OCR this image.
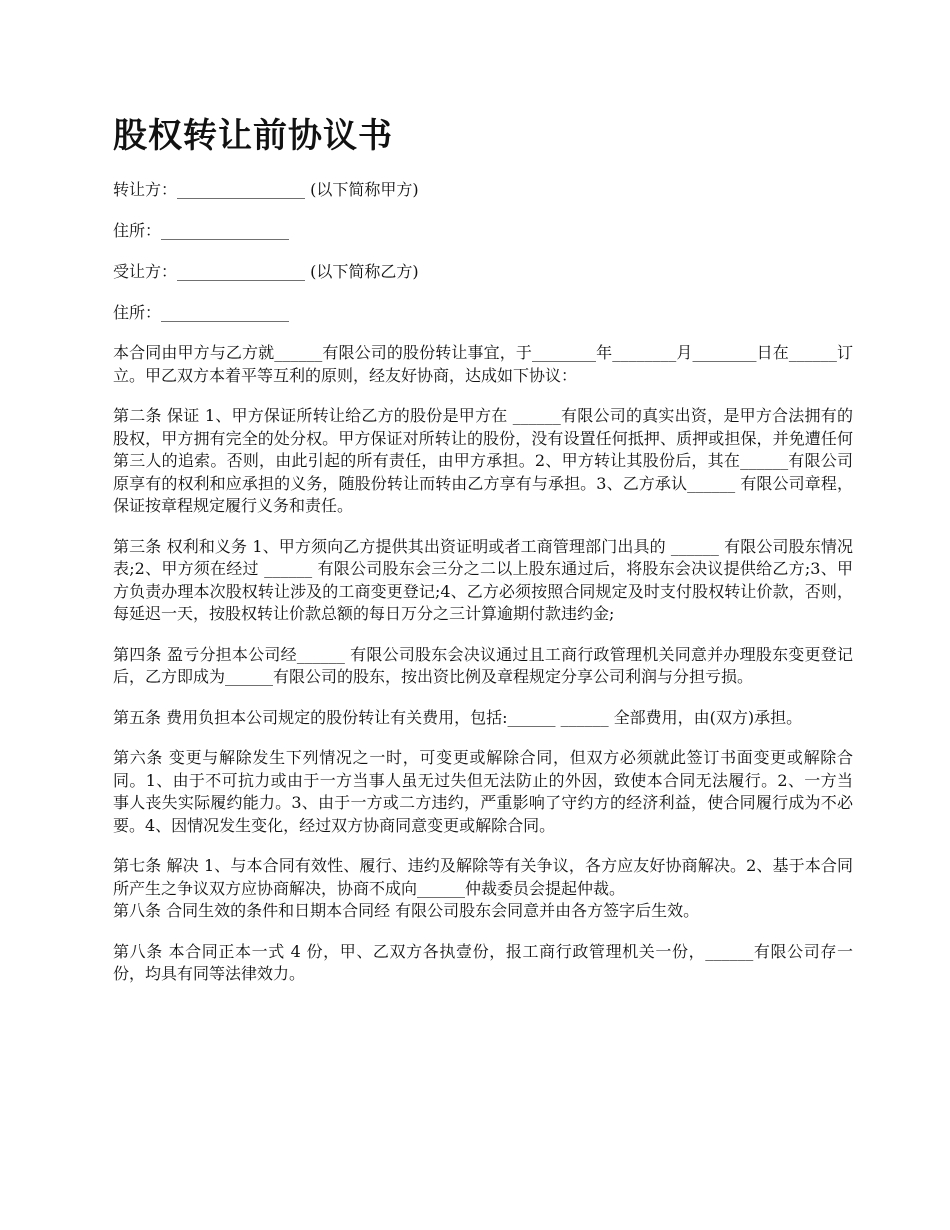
股权转让前协议书
转让方：________________ (以下简称甲方)
住所：________________
受让方：________________ (以下简称乙方)
住所：________________

本合同由甲方与乙方就______有限公司的股份转让事宜，于________年________月________日在______订立。甲乙双方本着平等互利的原则，经友好协商，达成如下协议：

第二条 保证 1、甲方保证所转让给乙方的股份是甲方在 ______有限公司的真实出资，是甲方合法拥有的股权，甲方拥有完全的处分权。甲方保证对所转让的股份，没有设置任何抵押、质押或担保，并免遭任何第三人的追索。否则，由此引起的所有责任，由甲方承担。2、甲方转让其股份后，其在______有限公司原享有的权利和应承担的义务，随股份转让而转由乙方享有与承担。3、乙方承认______ 有限公司章程，保证按章程规定履行义务和责任。

第三条 权利和义务 1、甲方须向乙方提供其出资证明或者工商管理部门出具的 ______ 有限公司股东情况表;2、甲方须在经过 ______ 有限公司股东会三分之二以上股东通过后，将股东会决议提供给乙方;3、甲方负责办理本次股权转让涉及的工商变更登记;4、乙方必须按照合同规定及时支付股权转让价款，否则，每延迟一天，按股权转让价款总额的每日万分之三计算逾期付款违约金;

第四条 盈亏分担本公司经______ 有限公司股东会决议通过且工商行政管理机关同意并办理股东变更登记后，乙方即成为______有限公司的股东，按出资比例及章程规定分享公司利润与分担亏损。

第五条 费用负担本公司规定的股份转让有关费用，包括:______ ______ 全部费用，由(双方)承担。

第六条 变更与解除发生下列情况之一时，可变更或解除合同，但双方必须就此签订书面变更或解除合同。1、由于不可抗力或由于一方当事人虽无过失但无法防止的外因，致使本合同无法履行。2、一方当事人丧失实际履约能力。3、由于一方或二方违约，严重影响了守约方的经济利益，使合同履行成为不必要。4、因情况发生变化，经过双方协商同意变更或解除合同。

第七条 解决 1、与本合同有效性、履行、违约及解除等有关争议，各方应友好协商解决。2、基于本合同所产生之争议双方应协商解决，协商不成向______仲裁委员会提起仲裁。

第八条 合同生效的条件和日期本合同经 有限公司股东会同意并由各方签字后生效。

第八条 本合同正本一式 4 份，甲、乙双方各执壹份，报工商行政管理机关一份，______有限公司存一份，均具有同等法律效力。
